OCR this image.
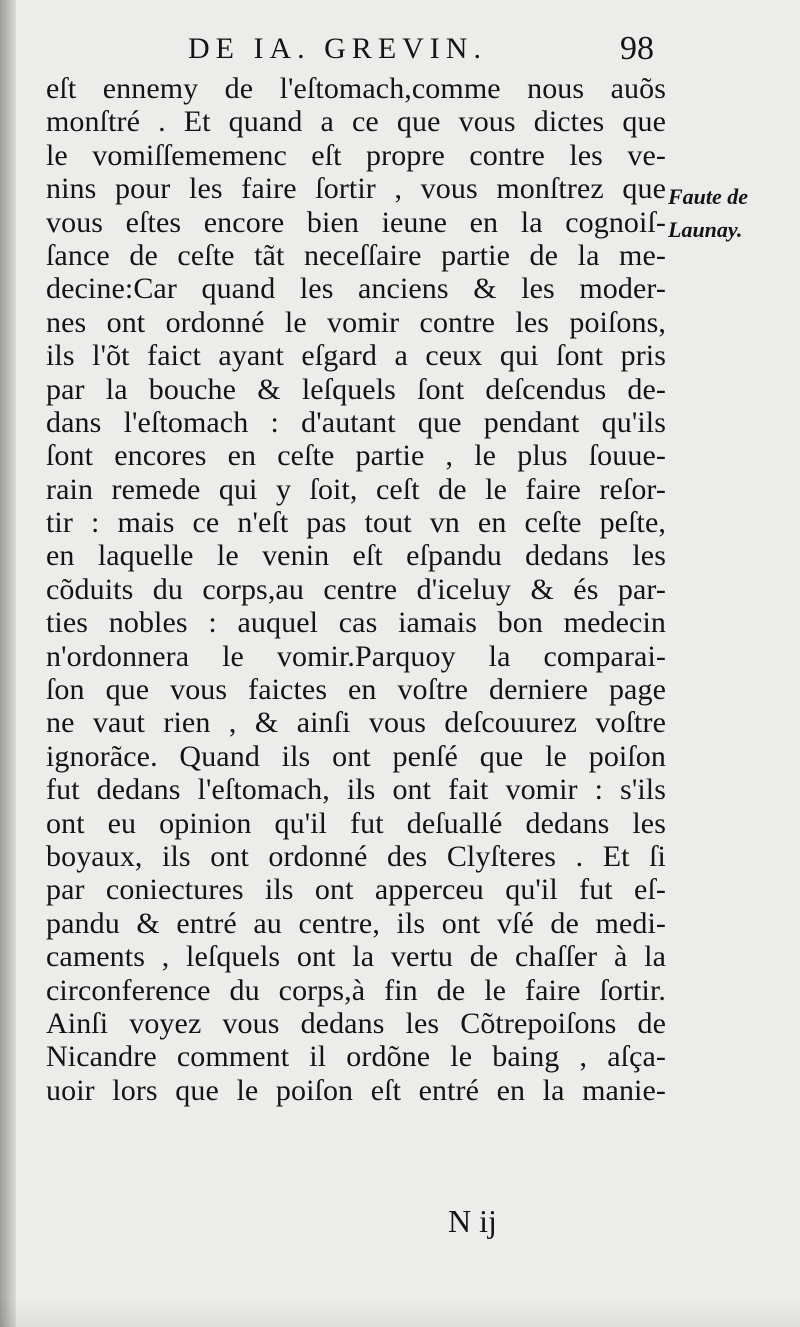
DE IA. GREVIN.	98
eſt ennemy de l'eſtomach,comme nous auõs
monſtré . Et quand a ce que vous dictes que
le vomiſſememenc eſt propre contre les ve-
nins pour les faire ſortir , vous monſtrez que
vous eſtes encore bien ieune en la cognoiſ-
ſance de ceſte tãt neceſſaire partie de la me-
decine:Car quand les anciens & les moder-
nes ont ordonné le vomir contre les poiſons,
ils l'õt faict ayant eſgard a ceux qui ſont pris
par la bouche & leſquels ſont deſcendus de-
dans l'eſtomach : d'autant que pendant qu'ils
ſont encores en ceſte partie , le plus ſouue-
rain remede qui y ſoit, ceſt de le faire reſor-
tir : mais ce n'eſt pas tout vn en ceſte peſte,
en laquelle le venin eſt eſpandu dedans les
cõduits du corps,au centre d'iceluy & és par-
ties nobles : auquel cas iamais bon medecin
n'ordonnera le vomir.Parquoy la comparai-
ſon que vous faictes en voſtre derniere page
ne vaut rien , & ainſi vous deſcouurez voſtre
ignorãce. Quand ils ont penſé que le poiſon
fut dedans l'eſtomach, ils ont fait vomir : s'ils
ont eu opinion qu'il fut deſuallé dedans les
boyaux, ils ont ordonné des Clyſteres . Et ſi
par coniectures ils ont apperceu qu'il fut eſ-
pandu & entré au centre, ils ont vſé de medi-
caments , leſquels ont la vertu de chaſſer à la
circonference du corps,à fin de le faire ſortir.
Ainſi voyez vous dedans les Cõtrepoiſons de
Nicandre comment il ordõne le baing , aſça-
uoir lors que le poiſon eſt entré en la manie-
Faute de
Launay.
N ij
